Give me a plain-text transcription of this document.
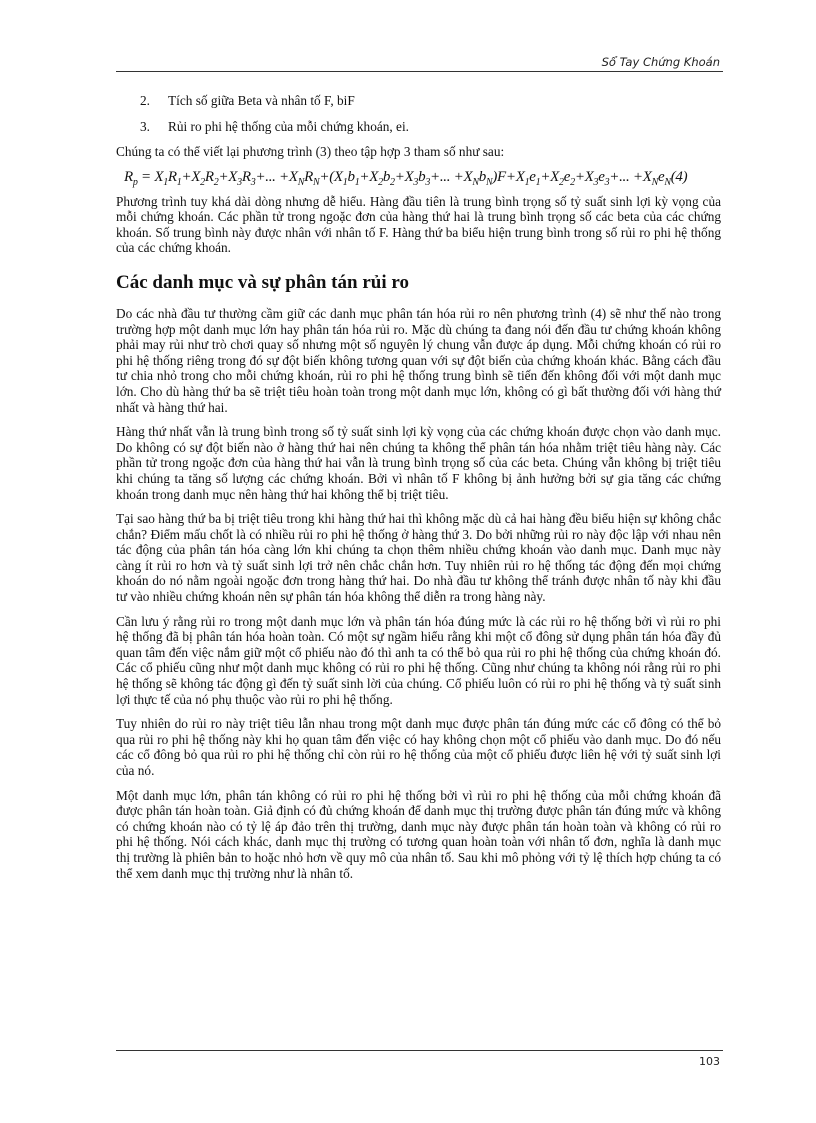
Sổ Tay Chứng Khoán
2. Tích số giữa Beta và nhân tố F, biF
3. Rủi ro phi hệ thống của mỗi chứng khoán, ei.

Chúng ta có thể viết lại phương trình (3) theo tập hợp 3 tham số như sau:

$R_p = X_1R_1+X_2R_2+X_3R_3+$... $+X_NR_N+(X_1b_1+X_2b_2+X_3b_3+$... $+X_Nb_N)F+X_1e_1+X_2e_2+X_3e_3+$... $+X_Ne_N(4)$

Phương trình tuy khá dài dòng nhưng dễ hiểu. Hàng đầu tiên là trung bình trọng số tỷ suất sinh lợi kỳ vọng của mỗi chứng khoán. Các phần tử trong ngoặc đơn của hàng thứ hai là trung bình trọng số các beta của các chứng khoán. Số trung bình này được nhân với nhân tố F. Hàng thứ ba biểu hiện trung bình trong số rủi ro phi hệ thống của các chứng khoán.

Các danh mục và sự phân tán rủi ro

Do các nhà đầu tư thường cầm giữ các danh mục phân tán hóa rủi ro nên phương trình (4) sẽ như thế nào trong trường hợp một danh mục lớn hay phân tán hóa rủi ro. Mặc dù chúng ta đang nói đến đầu tư chứng khoán không phải may rủi như trò chơi quay số nhưng một số nguyên lý chung vẫn được áp dụng. Mỗi chứng khoán có rủi ro phi hệ thống riêng trong đó sự đột biến không tương quan với sự đột biến của chứng khoán khác. Bằng cách đầu tư chia nhỏ trong cho mỗi chứng khoán, rủi ro phi hệ thống trung bình sẽ tiến đến không đối với một danh mục lớn. Cho dù hàng thứ ba sẽ triệt tiêu hoàn toàn trong một danh mục lớn, không có gì bất thường đối với hàng thứ nhất và hàng thứ hai.

Hàng thứ nhất vẫn là trung bình trong số tỷ suất sinh lợi kỳ vọng của các chứng khoán được chọn vào danh mục. Do không có sự đột biến nào ở hàng thứ hai nên chúng ta không thể phân tán hóa nhằm triệt tiêu hàng này. Các phần tử trong ngoặc đơn của hàng thứ hai vẫn là trung bình trọng số của các beta. Chúng vẫn không bị triệt tiêu khi chúng ta tăng số lượng các chứng khoán. Bởi vì nhân tố F không bị ảnh hưởng bởi sự gia tăng các chứng khoán trong danh mục nên hàng thứ hai không thể bị triệt tiêu.

Tại sao hàng thứ ba bị triệt tiêu trong khi hàng thứ hai thì không mặc dù cả hai hàng đều biểu hiện sự không chắc chắn? Điểm mấu chốt là có nhiều rủi ro phi hệ thống ở hàng thứ 3. Do bởi những rủi ro này độc lập với nhau nên tác động của phân tán hóa càng lớn khi chúng ta chọn thêm nhiều chứng khoán vào danh mục. Danh mục này càng ít rủi ro hơn và tỷ suất sinh lợi trở nên chắc chắn hơn. Tuy nhiên rủi ro hệ thống tác động đến mọi chứng khoán do nó nằm ngoài ngoặc đơn trong hàng thứ hai. Do nhà đầu tư không thể tránh được nhân tố này khi đầu tư vào nhiều chứng khoán nên sự phân tán hóa không thể diễn ra trong hàng này.

Cần lưu ý rằng rủi ro trong một danh mục lớn và phân tán hóa đúng mức là các rủi ro hệ thống bởi vì rủi ro phi hệ thống đã bị phân tán hóa hoàn toàn. Có một sự ngầm hiểu rằng khi một cổ đông sử dụng phân tán hóa đầy đủ quan tâm đến việc nắm giữ một cổ phiếu nào đó thì anh ta có thể bỏ qua rủi ro phi hệ thống của chứng khoán đó. Các cổ phiếu cũng như một danh mục không có rủi ro phi hệ thống. Cũng như chúng ta không nói rằng rủi ro phi hệ thống sẽ không tác động gì đến tỷ suất sinh lời của chúng. Cổ phiếu luôn có rủi ro phi hệ thống và tỷ suất sinh lợi thực tế của nó phụ thuộc vào rủi ro phi hệ thống.

Tuy nhiên do rủi ro này triệt tiêu lẫn nhau trong một danh mục được phân tán đúng mức các cổ đông có thể bỏ qua rủi ro phi hệ thống này khi họ quan tâm đến việc có hay không chọn một cổ phiếu vào danh mục. Do đó nếu các cổ đông bỏ qua rủi ro phi hệ thống chỉ còn rủi ro hệ thống của một cổ phiếu được liên hệ với tỷ suất sinh lợi của nó.

Một danh mục lớn, phân tán không có rủi ro phi hệ thống bởi vì rủi ro phi hệ thống của mỗi chứng khoán đã được phân tán hoàn toàn. Giả định có đủ chứng khoán để danh mục thị trường được phân tán đúng mức và không có chứng khoán nào có tỷ lệ áp đảo trên thị trường, danh mục này được phân tán hoàn toàn và không có rủi ro phi hệ thống. Nói cách khác, danh mục thị trường có tương quan hoàn toàn với nhân tố đơn, nghĩa là danh mục thị trường là phiên bản to hoặc nhỏ hơn về quy mô của nhân tố. Sau khi mô phỏng với tỷ lệ thích hợp chúng ta có thể xem danh mục thị trường như là nhân tố.

103
